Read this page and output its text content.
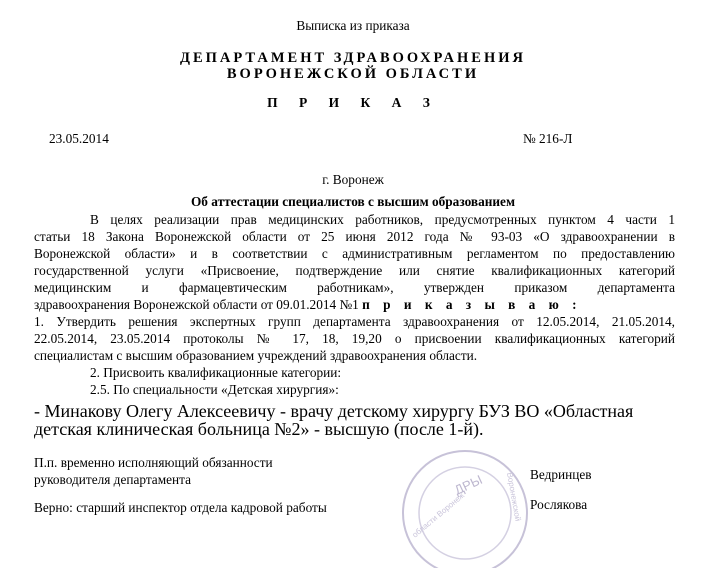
Выписка из приказа
ДЕПАРТАМЕНТ ЗДРАВООХРАНЕНИЯ
ВОРОНЕЖСКОЙ ОБЛАСТИ
П Р И К А З
23.05.2014	№ 216-Л
г. Воронеж
Об аттестации специалистов с высшим образованием
В целях реализации прав медицинских работников, предусмотренных пунктом 4 части 1
статьи 18 Закона Воронежской области от 25 июня 2012 года № 93-03 «О здравоохранении в
Воронежской области» и в соответствии с административным регламентом по предоставлению
государственной услуги «Присвоение, подтверждение или снятие квалификационных категорий
медицинским и фармацевтическим работникам», утвержден приказом департамента
здравоохранения Воронежской области от 09.01.2014 №1 п р и к а з ы в а ю :
1. Утвердить решения экспертных групп департамента здравоохранения от 12.05.2014, 21.05.2014,
22.05.2014, 23.05.2014 протоколы № 17, 18, 19,20 о присвоении квалификационных категорий
специалистам с высшим образованием учреждений здравоохранения области.
2. Присвоить квалификационные категории:
2.5. По специальности «Детская хирургия»:
- Минакову Олегу Алексеевичу - врачу детскому хирургу БУЗ ВО «Областная
детская клиническая больница №2» - высшую (после 1-й).
П.п. временно исполняющий обязанности
руководителя департамента	ДРЫ
области Воронеж	Воронежской Ведринцев
Верно: старший инспектор отдела кадровой работы	Рослякова
